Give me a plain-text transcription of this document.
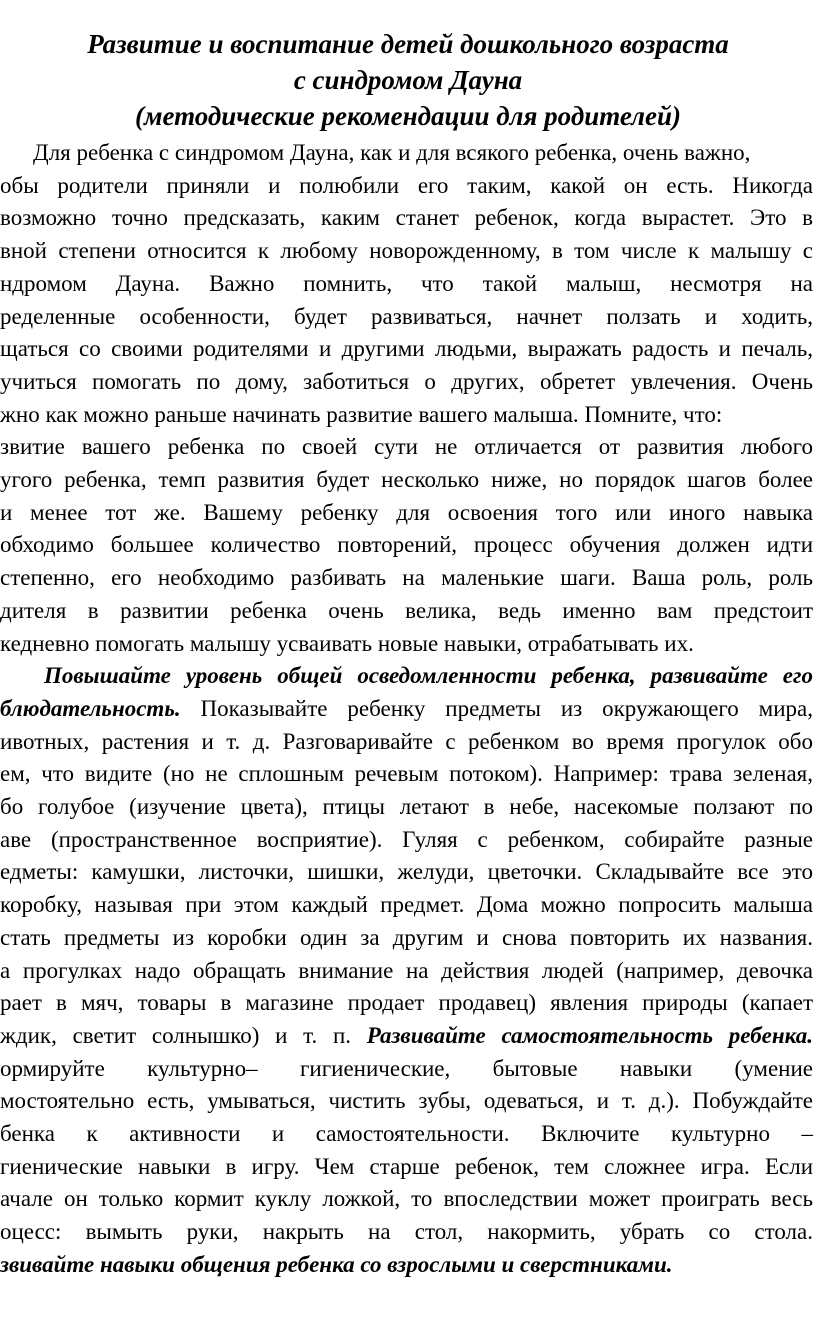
Развитие и воспитание детей дошкольного возраста
с синдромом Дауна
(методические рекомендации для родителей)
Для ребенка с синдромом Дауна, как и для всякого ребенка, очень важно,
обы родители приняли и полюбили его таким, какой он есть. Никогда
возможно точно предсказать, каким станет ребенок, когда вырастет. Это в
вной степени относится к любому новорожденному, в том числе к малышу с
ндромом Дауна. Важно помнить, что такой малыш, несмотря на
ределенные особенности, будет развиваться, начнет ползать и ходить,
щаться со своими родителями и другими людьми, выражать радость и печаль,
учиться помогать по дому, заботиться о других, обретет увлечения. Очень
жно как можно раньше начинать развитие вашего малыша. Помните, что:
звитие вашего ребенка по своей сути не отличается от развития любого
угого ребенка, темп развития будет несколько ниже, но порядок шагов более
и менее тот же. Вашему ребенку для освоения того или иного навыка
обходимо большее количество повторений, процесс обучения должен идти
степенно, его необходимо разбивать на маленькие шаги. Ваша роль, роль
дителя в развитии ребенка очень велика, ведь именно вам предстоит
кедневно помогать малышу усваивать новые навыки, отрабатывать их.
Повышайте уровень общей осведомленности ребенка, развивайте его
блюдательность. Показывайте ребенку предметы из окружающего мира,
ивотных, растения и т. д. Разговаривайте с ребенком во время прогулок обо
ем, что видите (но не сплошным речевым потоком). Например: трава зеленая,
бо голубое (изучение цвета), птицы летают в небе, насекомые ползают по
аве (пространственное восприятие). Гуляя с ребенком, собирайте разные
едметы: камушки, листочки, шишки, желуди, цветочки. Складывайте все это
коробку, называя при этом каждый предмет. Дома можно попросить малыша
стать предметы из коробки один за другим и снова повторить их названия.
а прогулках надо обращать внимание на действия людей (например, девочка
рает в мяч, товары в магазине продает продавец) явления природы (капает
ждик, светит солнышко) и т. п. Развивайте самостоятельность ребенка.
ормируйте культурно– гигиенические, бытовые навыки (умение
мостоятельно есть, умываться, чистить зубы, одеваться, и т. д.). Побуждайте
бенка к активности и самостоятельности. Включите культурно –
гиенические навыки в игру. Чем старше ребенок, тем сложнее игра. Если
ачале он только кормит куклу ложкой, то впоследствии может проиграть весь
оцесс: вымыть руки, накрыть на стол, накормить, убрать со стола.
звивайте навыки общения ребенка со взрослыми и сверстниками.
